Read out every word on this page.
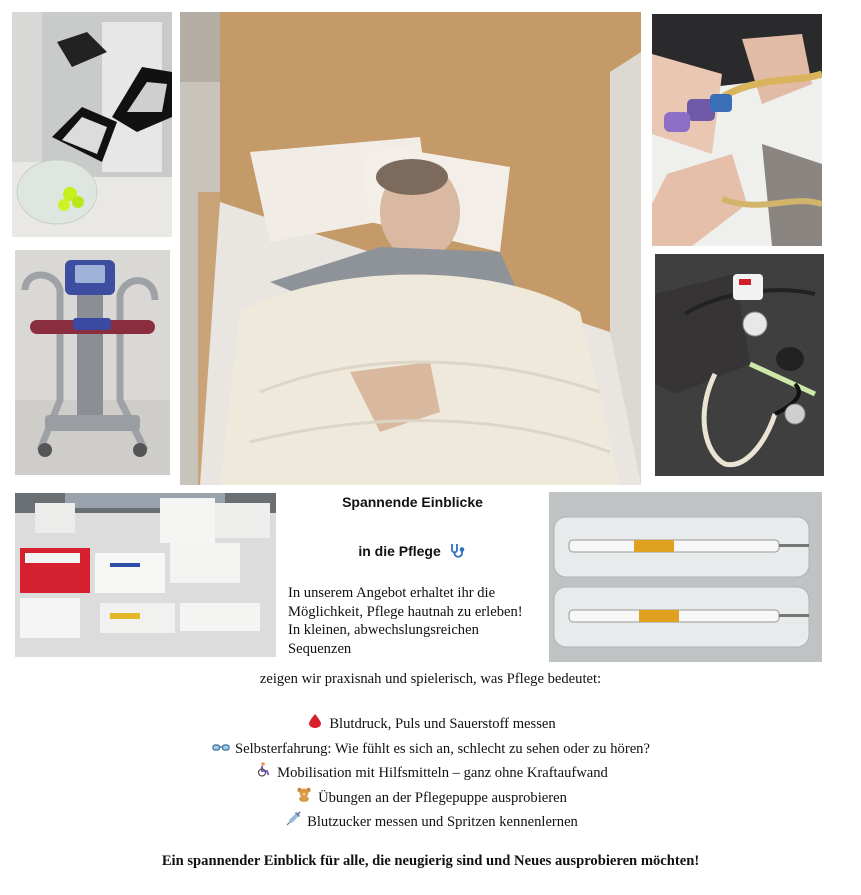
Spannende Einblicke
in die Pflege
In unserem Angebot erhaltet ihr die Möglichkeit, Pflege hautnah zu erleben! In kleinen, abwechslungsreichen Sequenzen
zeigen wir praxisnah und spielerisch, was Pflege bedeutet:
Blutdruck, Puls und Sauerstoff messen
Selbsterfahrung: Wie fühlt es sich an, schlecht zu sehen oder zu hören?
Mobilisation mit Hilfsmitteln – ganz ohne Kraftaufwand
Übungen an der Pflegepuppe ausprobieren
Blutzucker messen und Spritzen kennenlernen
Ein spannender Einblick für alle, die neugierig sind und Neues ausprobieren möchten!
